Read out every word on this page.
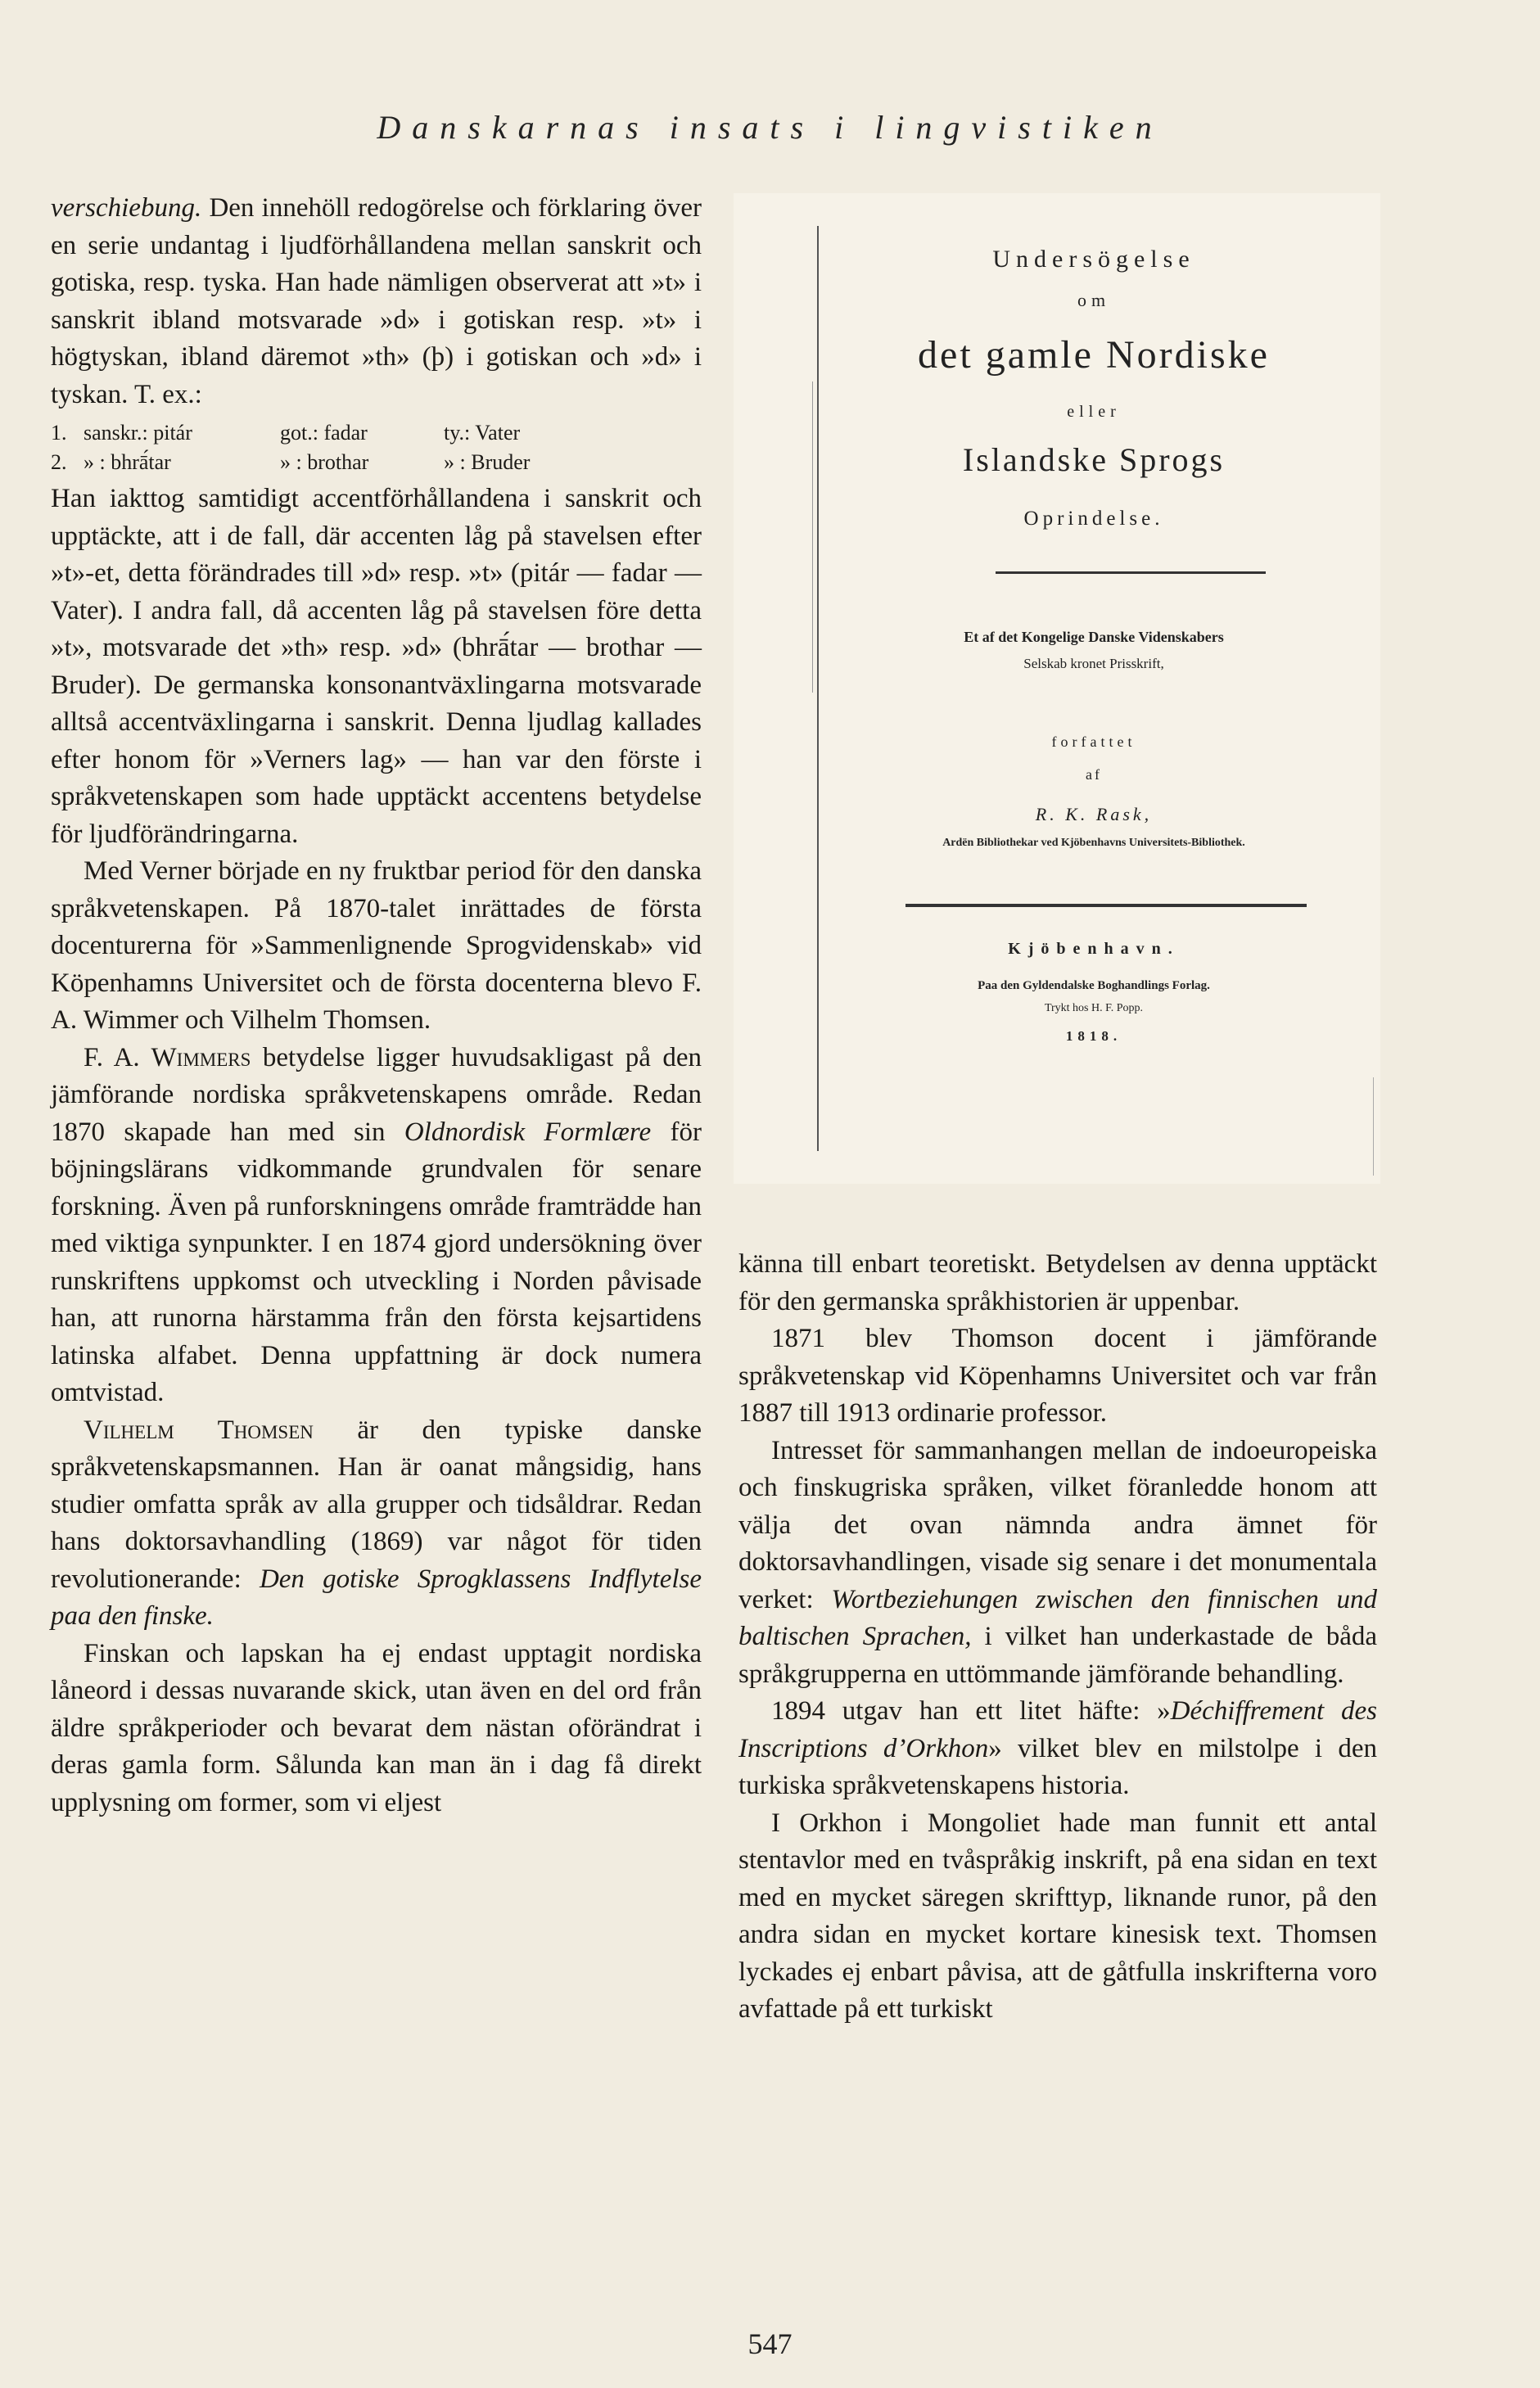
Danskarnas insats i lingvistiken

verschiebung. Den innehöll redogörelse och förklaring över en serie undantag i ljudförhållandena mellan sanskrit och gotiska, resp. tyska. Han hade nämligen observerat att »t» i sanskrit ibland motsvarade »d» i gotiskan resp. »t» i högtyskan, ibland däremot »th» (þ) i gotiskan och »d» i tyskan. T. ex.:

1. sanskr.: pitár	got.: fadar	ty.: Vater
2. » : bhrā́tar	» : brothar	» : Bruder

Han iakttog samtidigt accentförhållandena i sanskrit och upptäckte, att i de fall, där accenten låg på stavelsen efter »t»-et, detta förändrades till »d» resp. »t» (pitár — fadar — Vater). I andra fall, då accenten låg på stavelsen före detta »t», motsvarade det »th» resp. »d» (bhrā́tar — brothar — Bruder). De germanska konsonantväxlingarna motsvarade alltså accentväxlingarna i sanskrit. Denna ljudlag kallades efter honom för »Verners lag» — han var den förste i språkvetenskapen som hade upptäckt accentens betydelse för ljudförändringarna.

Med Verner började en ny fruktbar period för den danska språkvetenskapen. På 1870-talet inrättades de första docenturerna för »Sammenlignende Sprogvidenskab» vid Köpenhamns Universitet och de första docenterna blevo F. A. Wimmer och Vilhelm Thomsen.

F. A. Wimmers betydelse ligger huvudsakligast på den jämförande nordiska språkvetenskapens område. Redan 1870 skapade han med sin Oldnordisk Formlære för böjningslärans vidkommande grundvalen för senare forskning. Även på runforskningens område framträdde han med viktiga synpunkter. I en 1874 gjord undersökning över runskriftens uppkomst och utveckling i Norden påvisade han, att runorna härstamma från den första kejsartidens latinska alfabet. Denna uppfattning är dock numera omtvistad.

Vilhelm Thomsen är den typiske danske språkvetenskapsmannen. Han är oanat mångsidig, hans studier omfatta språk av alla grupper och tidsåldrar. Redan hans doktorsavhandling (1869) var något för tiden revolutionerande: Den gotiske Sprogklassens Indflytelse paa den finske.

Finskan och lapskan ha ej endast upptagit nordiska låneord i dessas nuvarande skick, utan även en del ord från äldre språkperioder och bevarat dem nästan oförändrat i deras gamla form. Sålunda kan man än i dag få direkt upplysning om former, som vi eljest

Undersögelse
om
det gamle Nordiske
eller
Islandske Sprogs
Oprindelse.
Et af det Kongelige Danske Videnskabers
Selskab kronet Prisskrift,
forfattet
af
R. K. Rask,
Ardën Bibliothekar ved Kjöbenhavns Universitets-Bibliothek.
Kjöbenhavn.
Paa den Gyldendalske Boghandlings Forlag.
Trykt hos H. F. Popp.
1818.

känna till enbart teoretiskt. Betydelsen av denna upptäckt för den germanska språkhistorien är uppenbar.

1871 blev Thomson docent i jämförande språkvetenskap vid Köpenhamns Universitet och var från 1887 till 1913 ordinarie professor.

Intresset för sammanhangen mellan de indoeuropeiska och finskugriska språken, vilket föranledde honom att välja det ovan nämnda andra ämnet för doktorsavhandlingen, visade sig senare i det monumentala verket: Wortbeziehungen zwischen den finnischen und baltischen Sprachen, i vilket han underkastade de båda språkgrupperna en uttömmande jämförande behandling.

1894 utgav han ett litet häfte: »Déchiffrement des Inscriptions d’Orkhon» vilket blev en milstolpe i den turkiska språkvetenskapens historia.

I Orkhon i Mongoliet hade man funnit ett antal stentavlor med en tvåspråkig inskrift, på ena sidan en text med en mycket säregen skrifttyp, liknande runor, på den andra sidan en mycket kortare kinesisk text. Thomsen lyckades ej enbart påvisa, att de gåtfulla inskrifterna voro avfattade på ett turkiskt

547
